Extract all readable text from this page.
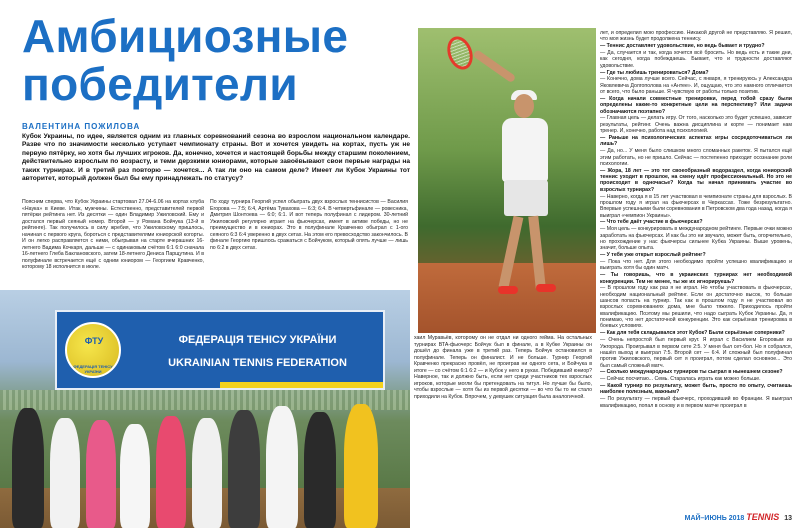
Амбициозные
победители
ВАЛЕНТИНА ПОЖИЛОВА

Кубок Украины, по идее, является одним из главных соревнований сезона во взрослом национальном календаре. Разве что по значимости несколько уступает чемпионату страны. Вот и хочется увидеть на кортах, пусть уж не первую пятёрку, но хотя бы лучших игроков. Да, конечно, хочется и настоящей борьбы между старшим поколением, действительно взрослым по возрасту, и теми дерзкими юниорами, которые завоёвывают свои первые награды на таких турнирах. И в третий раз повторю — хочется... А так ли оно на самом деле? Имеет ли Кубок Украины тот авторитет, который должен был бы ему принадлежать по статусу?

Поясним сперва, что Кубок Украины стартовал 27.04-6.06 на кортах клуба «Наука» в Киеве. Итак, мужчины. Естественно, представителей первой пятёрки рейтинга нет. Из десятки — один Владимир Ужиловский. Ему и достался первый сеяный номер. Второй — у Романа Бойчука (13-й в рейтинге). Так получилось в силу жребия, что Ужиловскому пришлось, начиная с первого круга, бороться с представителями юниорской когорты. И он легко расправляется с ними, обыгрывая на старте вчерашних 16-летнего Вадима Кочкаря, дальше — с одинаковым счётом 6:1 6:0 сначала 16-летнего Глеба Баклановского, затем 18-летнего Дениса Парщутина. И в полуфинале встречается ещё с одним юниором — Георгием Кравченко, которому 18 исполнится в июле.
По ходу турнира Георгий успел обыграть двух взрослых теннисистов — Василия Егорова — 7:5; 6:4, Артёма Тувахова — 6:3; 6:4. В четвертьфинале — ровесника, Дмитрия Шонтоева — 6:0; 6:1. И вот теперь полуфинал с лидером. 30-летний Ужиловский регулярно играет на фьючерсах, имеет в активе победы, но не преимущество и в юниорах. Это в полуфинале Кравченко обыграл с 1-ого сеяного 6:3 6:4 уверенно в двух сетах. На этом его превосходство закончилось. В финале Георгию пришлось сражаться с Бойчуком, который опять лучше — лишь по 6:2 в двух сетах.
ФТУ
ФЕДЕРАЦІЯ ТЕНІСУ УКРАЇНИ
ФЕДЕРАЦІЯ ТЕНІСУ УКРАЇНИ
UKRAINIAN TENNIS FEDERATION
хаил Муравьёв, которому он не отдал ни одного гейма. На остальных турнирах ВТА-фьючерс Бойчук был в финале, а в Кубке Украины он дошёл до финала уже в третий раз. Теперь Бойчук остановился в полуфинале. Теперь он финалист. И не больше. Турнир Георгий Кравченко прекрасно провёл, не проиграв ни одного сета, и Бойчука в итоге — со счётом 6:1 6:2 — и Кубок у него в руках. Победивший юниор? Наверное, так и должно быть, если нет среди участников тех взрослых игроков, которые могли бы претендовать на титул. Но лучше бы было, чтобы взрослые — хотя бы из первой десятки — во что бы то ни стало приходили на Кубок. Впрочем, у девушек ситуация была аналогичной.

лет, и определил мою профессию. Никакой другой не представляю. Я решил, что моя жизнь будет продолжена теннису.

— Теннис доставляет удовольствие, но ведь бывает и трудно?

— Да, случается и так, когда хочется всё бросить. Но ведь есть и такие дни, как сегодня, когда побеждаешь. Бывает, что и трудности доставляют удовольствие.

— Где ты любишь тренироваться? Дома?

— Конечно, дома лучше всего. Сейчас, с января, я тренируюсь у Александра Яковлевича Долгополова на «Антее». И, ощущаю, что это намного отличается от всего, что было раньше. Я чувствую от работы только позитив.

— Когда начали совместные тренировки, перед тобой сразу были определены какие-то конкретные цели на перспективу? Или задачи обозначаются поэтапно?

— Главная цель — делать игру. От того, насколько это будет успешно, зависит результаты, рейтинг. Очень важна дисциплина и корте — понимает нам тренер. И, конечно, работа над психологией.

— Раньше на психологических аспектах игры сосредоточиваться ли лишь?

— Да, но... У меня было слишком много сломанных ракеток. Я пытался ещё этим работать, но не пришло. Сейчас — постепенно приходит осознание роли психологии.

— Жора, 18 лет — это тот своеобразный водораздел, когда юниорский теннис уходит в прошлое, на смену идёт профессиональный. Но это не происходит в одночасье? Когда ты начал принимать участие во взрослых турнирах?

— Наверно, когда я в 15 лет участвовал в чемпионате страны для взрослых. В прошлом году я играл на фьючерсах в Черкассах. Тоже безрезультатно. Впервые успешными были соревнования в Петровском два года назад, когда я выиграл «чемпион Украины».

— Что тебе даёт участие в фьючерсах?

— Моя цель — конкурировать в международном рейтинге. Первые очки можно заработать на фьючерсах. И как бы это ни звучало, может быть, огорчительно, но прохождение у нас фьючерсы сильнее Кубка Украины. Выше уровень, значит, больше опыта.

— У тебя уже открыт взрослый рейтинг?

— Пока что нет. Для этого необходимо пройти успешно квалификацию и выиграть хотя бы один матч.

— Ты говоришь, что в украинских турнирах нет необходимой конкуренции. Тем не менее, ты же их игнорируешь?

— В прошлом году как раз я не играл. Но чтобы участвовать в фьючерсах, необходим национальный рейтинг. Если он достаточно высок, то больше шансов попасть на турнир. Так как в прошлом году я не участвовал во взрослых соревнованиях дома, мне было тяжело. Приходилось пройти квалификацию. Поэтому мы решили, что надо сыграть Кубок Украины. Да, я понимаю, что нет достаточной конкуренции. Это как серьёзная тренировка в боевых условиях.

— Как для тебя складывался этот Кубок? Были серьёзные соперники?

— Очень непростой был первый круг. Я играл с Василием Егоровым из Ужгорода. Проигрывал в первом сете 2:5. У меня был сет-бол. Но я собрался, нашёл выход и выиграл 7:5. Второй сет — 6:4. И сложный был полуфинал против Ужиловского, первый сет я проиграл, потом сделал основное... Это был самый сложный матч.

— Сколько международных турниров ты сыграл в нынешнем сезоне?

— Сейчас посчитаю... Семь. Старалась играть как можно больше.

— Какой турнир по результату, может быть, просто по опыту, считаешь наиболее полезным, важным?

— По результату — первый фьючерс, проходивший во Франции. Я выиграл квалификацию, попал в основу и в первом матче проиграл в

МАЙ–ИЮНЬ 2018 TENNIS 13
